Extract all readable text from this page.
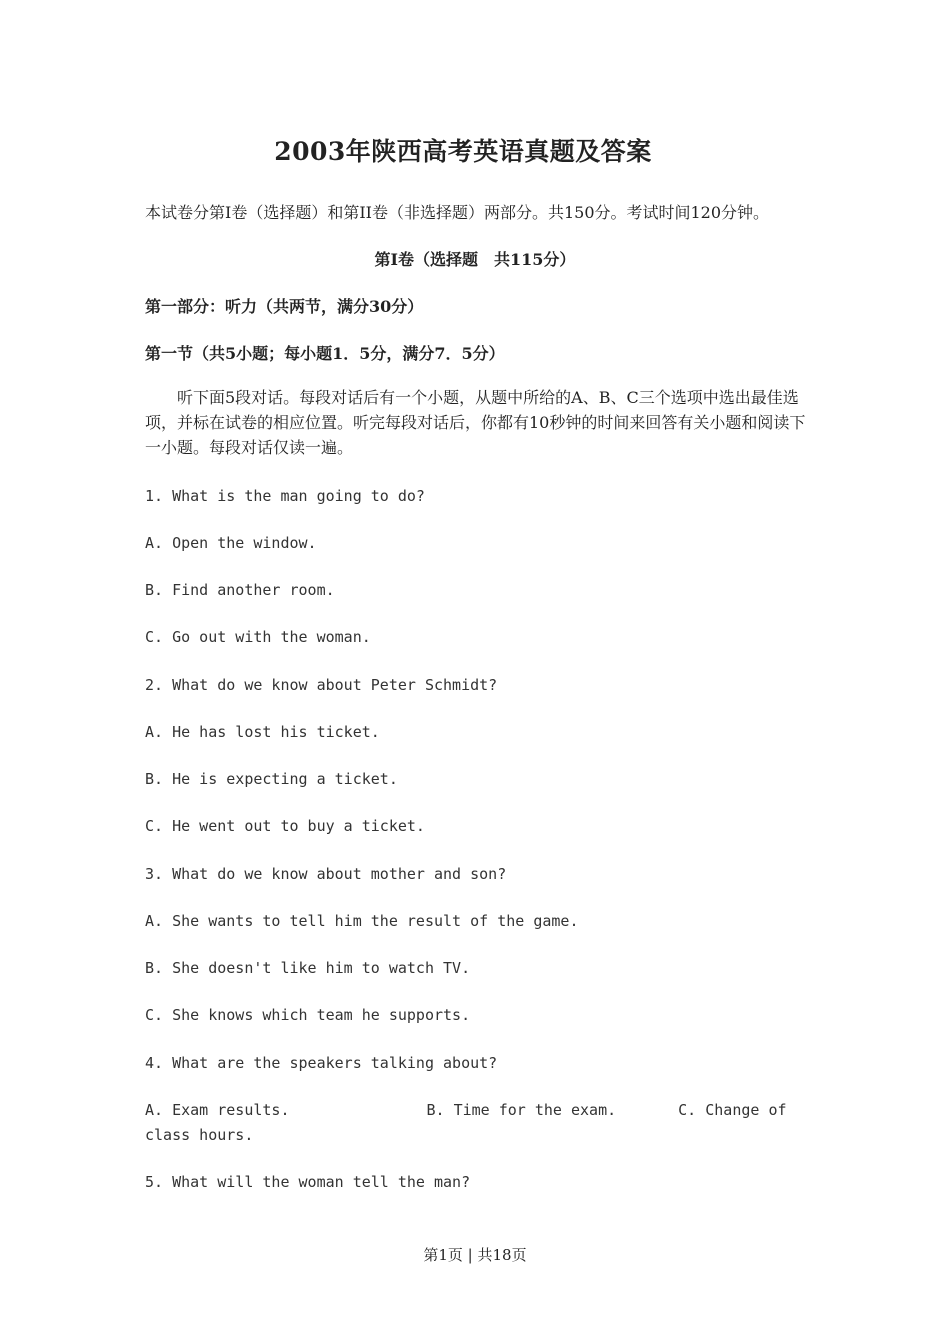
2003年陕西高考英语真题及答案
本试卷分第Ⅰ卷（选择题）和第II卷（非选择题）两部分。共150分。考试时间120分钟。
第Ⅰ卷（选择题　共115分）
第一部分：听力（共两节，满分30分）
第一节（共5小题；每小题1．5分，满分7．5分）
听下面5段对话。每段对话后有一个小题，从题中所给的A、B、C三个选项中选出最佳选项，并标在试卷的相应位置。听完每段对话后，你都有10秒钟的时间来回答有关小题和阅读下一小题。每段对话仅读一遍。
1. What is the man going to do?
A. Open the window.
B. Find another room.
C. Go out with the woman.
2. What do we know about Peter Schmidt?
A. He has lost his ticket.
B. He is expecting a ticket.
C. He went out to buy a ticket.
3. What do we know about mother and son?
A. She wants to tell him the result of the game.
B. She doesn't like him to watch TV.
C. She knows which team he supports.
4. What are the speakers talking about?
A. Exam results.	B. Time for the exam.	C. Change of class hours.
5. What will the woman tell the man?
第1页 | 共18页
